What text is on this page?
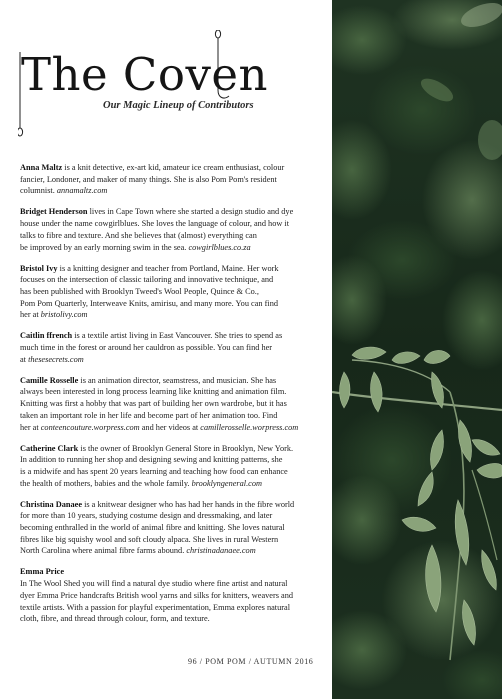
The Coven
Our Magic Lineup of Contributors

Anna Maltz is a knit detective, ex-art kid, amateur ice cream enthusiast, colour
fancier, Londoner, and maker of many things. She is also Pom Pom's resident
columnist. annamaltz.com

Bridget Henderson lives in Cape Town where she started a design studio and dye
house under the name cowgirlblues. She loves the language of colour, and how it
talks to fibre and texture. And she believes that (almost) everything can
be improved by an early morning swim in the sea. cowgirlblues.co.za

Bristol Ivy is a knitting designer and teacher from Portland, Maine. Her work
focuses on the intersection of classic tailoring and innovative technique, and
has been published with Brooklyn Tweed's Wool People, Quince & Co.,
Pom Pom Quarterly, Interweave Knits, amirisu, and many more. You can find
her at bristolivy.com

Caitlin ffrench is a textile artist living in East Vancouver. She tries to spend as
much time in the forest or around her cauldron as possible. You can find her
at thesesecrets.com

Camille Rosselle is an animation director, seamstress, and musician. She has
always been interested in long process learning like knitting and animation film.
Knitting was first a hobby that was part of building her own wardrobe, but it has
taken an important role in her life and become part of her animation too. Find
her at conteencouture.worpress.com and her videos at camillerosselle.worpress.com

Catherine Clark is the owner of Brooklyn General Store in Brooklyn, New York.
In addition to running her shop and designing sewing and knitting patterns, she
is a midwife and has spent 20 years learning and teaching how food can enhance
the health of mothers, babies and the whole family. brooklyngeneral.com

Christina Danaee is a knitwear designer who has had her hands in the fibre world
for more than 10 years, studying costume design and dressmaking, and later
becoming enthralled in the world of animal fibre and knitting. She loves natural
fibres like big squishy wool and soft cloudy alpaca. She lives in rural Western
North Carolina where animal fibre farms abound. christinadanaee.com

Emma Price
In The Wool Shed you will find a natural dye studio where fine artist and natural
dyer Emma Price handcrafts British wool yarns and silks for knitters, weavers and
textile artists. With a passion for playful experimentation, Emma explores natural
cloth, fibre, and thread through colour, form, and texture.

96 / POM POM / AUTUMN 2016
